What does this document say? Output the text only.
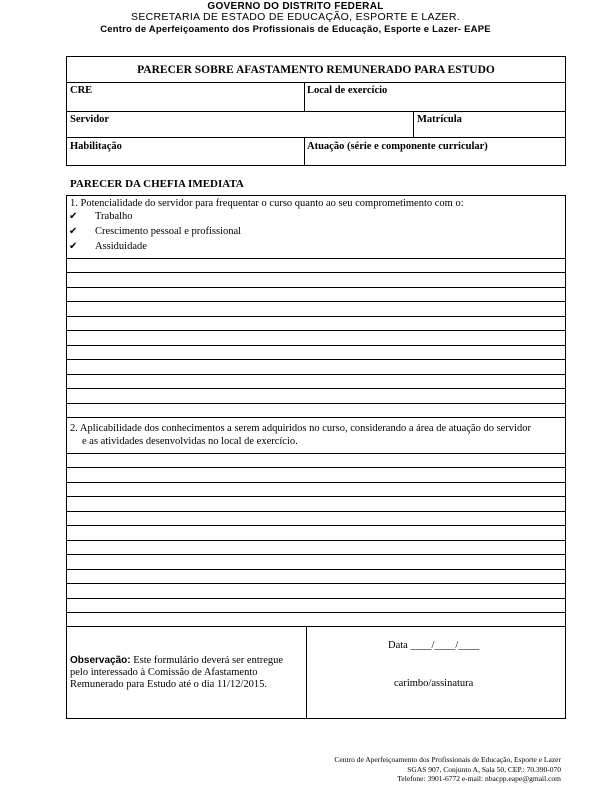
GOVERNO DO DISTRITO FEDERAL
SECRETARIA DE ESTADO DE EDUCAÇÃO, ESPORTE E LAZER.
Centro de Aperfeiçoamento dos Profissionais de Educação, Esporte e Lazer- EAPE
PARECER SOBRE AFASTAMENTO REMUNERADO PARA ESTUDO
CRE	Local de exercício
Servidor	Matrícula
Habilitação	Atuação (série e componente curricular)
PARECER DA CHEFIA IMEDIATA
1. Potencialidade do servidor para frequentar o curso quanto ao seu comprometimento com o:
✔ Trabalho
✔ Crescimento pessoal e profissional
✔ Assiduidade
2. Aplicabilidade dos conhecimentos a serem adquiridos no curso, considerando a área de atuação do servidor
e as atividades desenvolvidas no local de exercício.
Observação: Este formulário deverá ser entregue
pelo interessado à Comissão de Afastamento
Remunerado para Estudo até o dia 11/12/2015.
Data ____/____/____
carimbo/assinatura
Centro de Aperfeiçoamento dos Profissionais de Educação, Esporte e Lazer
SGAS 907, Conjunto A, Sala 50, CEP.: 70.390-070
Telefone: 3901-6772 e-mail: nbacpp.eape@gmail.com
